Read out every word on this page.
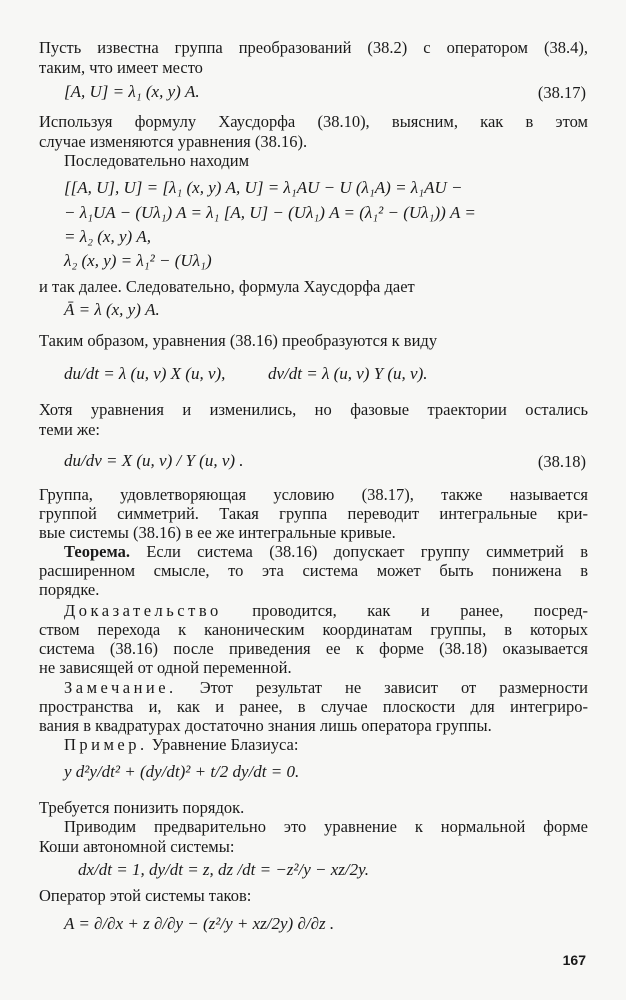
Пусть известна группа преобразований (38.2) с оператором (38.4),
таким, что имеет место
[A, U] = λ₁ (x, y) A.	(38.17)
Используя формулу Хаусдорфа (38.10), выясним, как в этом
случае изменяются уравнения (38.16).
Последовательно находим
[[A, U], U] = [λ₁ (x, y) A, U] = λ₁AU − U (λ₁A) = λ₁AU −
− λ₁UA − (Uλ₁) A = λ₁ [A, U] − (Uλ₁) A = (λ₁² − (Uλ₁)) A =
= λ₂ (x, y) A,
λ₂ (x, y) = λ₁² − (Uλ₁)
и так далее. Следовательно, формула Хаусдорфа дает
Ā = λ (x, y) A.
Таким образом, уравнения (38.16) преобразуются к виду
du/dt = λ (u, v) X (u, v),	dv/dt = λ (u, v) Y (u, v).
Хотя уравнения и изменились, но фазовые траектории остались
теми же:
du/dv = X (u, v) / Y (u, v) .	(38.18)
Группа, удовлетворяющая условию (38.17), также называется
группой симметрий. Такая группа переводит интегральные кри-
вые системы (38.16) в ее же интегральные кривые.
Теорема. Если система (38.16) допускает группу симметрий в
расширенном смысле, то эта система может быть понижена в
порядке.
Доказательство проводится, как и ранее, посред-
ством перехода к каноническим координатам группы, в которых
система (38.16) после приведения ее к форме (38.18) оказывается
не зависящей от одной переменной.
Замечание. Этот результат не зависит от размерности
пространства и, как и ранее, в случае плоскости для интегриро-
вания в квадратурах достаточно знания лишь оператора группы.
Пример. Уравнение Блазиуса:
y d²y/dt² + (dy/dt)² + t/2 dy/dt = 0.
Требуется понизить порядок.
Приводим предварительно это уравнение к нормальной форме
Коши автономной системы:
dx/dt = 1, dy/dt = z, dz /dt = −z²/y − xz/2y.
Оператор этой системы таков:
A = ∂/∂x + z ∂/∂y − (z²/y + xz/2y) ∂/∂z .
167
